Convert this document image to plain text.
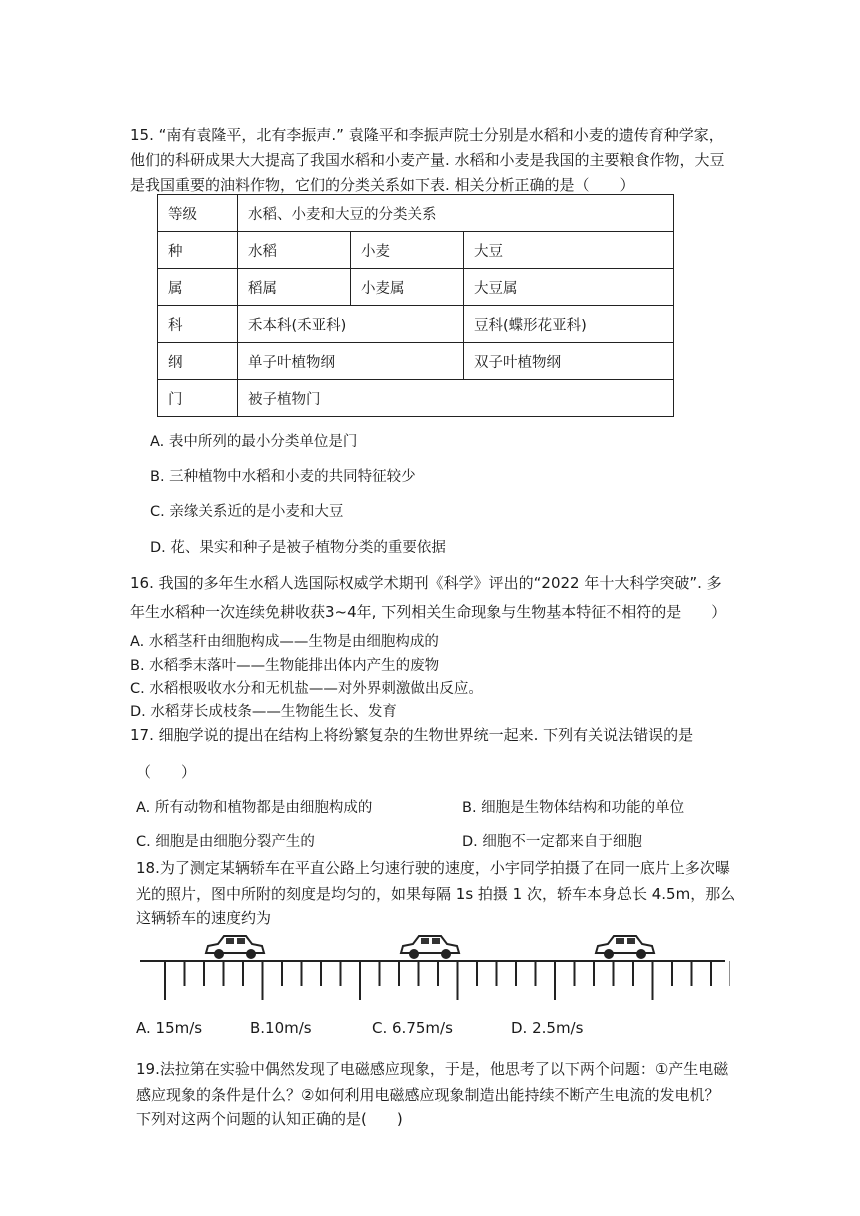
15. “南有袁隆平，北有李振声.” 袁隆平和李振声院士分别是水稻和小麦的遗传育种学家，
他们的科研成果大大提高了我国水稻和小麦产量. 水稻和小麦是我国的主要粮食作物，大豆
是我国重要的油料作物，它们的分类关系如下表. 相关分析正确的是（　　）
等级	水稻、小麦和大豆的分类关系		
种	水稻	小麦	大豆
属	稻属	小麦属	大豆属
科	禾本科(禾亚科)		豆科(蝶形花亚科)
纲	单子叶植物纲		双子叶植物纲
门	被子植物门		
A. 表中所列的最小分类单位是门
B. 三种植物中水稻和小麦的共同特征较少
C. 亲缘关系近的是小麦和大豆
D. 花、果实和种子是被子植物分类的重要依据
16. 我国的多年生水稻人选国际权威学术期刊《科学》评出的“2022 年十大科学突破”. 多
年生水稻种一次连续免耕收获3~4年, 下列相关生命现象与生物基本特征不相符的是　　）
A. 水稻茎秆由细胞构成——生物是由细胞构成的
B. 水稻季末落叶——生物能排出体内产生的废物
C. 水稻根吸收水分和无机盐——对外界刺激做出反应。
D. 水稻芽长成枝条——生物能生长、发育
17. 细胞学说的提出在结构上将纷繁复杂的生物世界统一起来. 下列有关说法错误的是
（　　）
A. 所有动物和植物都是由细胞构成的	B. 细胞是生物体结构和功能的单位
C. 细胞是由细胞分裂产生的	D. 细胞不一定都来自于细胞
18.为了测定某辆轿车在平直公路上匀速行驶的速度，小宇同学拍摄了在同一底片上多次曝
光的照片，图中所附的刻度是均匀的，如果每隔 1s 拍摄 1 次，轿车本身总长 4.5m，那么
这辆轿车的速度约为
A. 15m/s	B.10m/s	C. 6.75m/s	D. 2.5m/s
19.法拉第在实验中偶然发现了电磁感应现象，于是，他思考了以下两个问题：①产生电磁
感应现象的条件是什么？②如何利用电磁感应现象制造出能持续不断产生电流的发电机？
下列对这两个问题的认知正确的是(　　)
